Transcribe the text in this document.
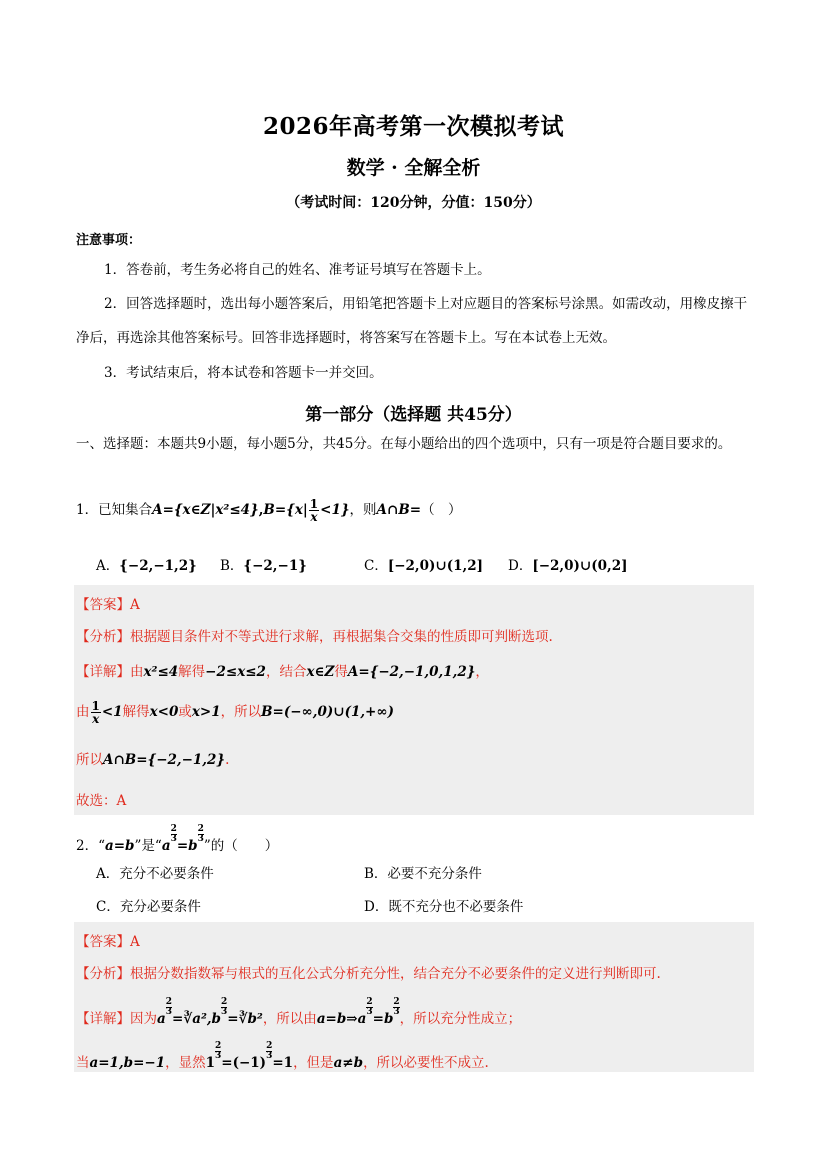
2026年高考第一次模拟考试
数学 · 全解全析
（考试时间：120分钟，分值：150分）
注意事项：
1．答卷前，考生务必将自己的姓名、准考证号填写在答题卡上。
2．回答选择题时，选出每小题答案后，用铅笔把答题卡上对应题目的答案标号涂黑。如需改动，用橡皮擦干净后，再选涂其他答案标号。回答非选择题时，将答案写在答题卡上。写在本试卷上无效。
3．考试结束后，将本试卷和答题卡一并交回。
第一部分（选择题 共45分）
一、选择题：本题共9小题，每小题5分，共45分。在每小题给出的四个选项中，只有一项是符合题目要求的。
1．已知集合A={x∈Z|x²≤4},B={x| $\frac{1}{x} <1$}，则A∩B=（　）
A．{−2,−1,2} B．{−2,−1}	C．[−2,0)∪(1,2] D．[−2,0)∪(0,2]
【答案】A
【分析】根据题目条件对不等式进行求解，再根据集合交集的性质即可判断选项.
【详解】由x²≤4解得−2≤x≤2，结合x∈Z得A={−2,−1,0,1,2}，
由 $\frac{1}{x} <1$解得x<0或x>1，所以B=(−∞,0)∪(1,+∞)
所以A∩B={−2,−1,2}.
故选：A
2．“a=b”是“a
$\frac{2}{3}$
=b
$\frac{2}{3}$
”的（　　）
A．充分不必要条件	B．必要不充分条件
C．充分必要条件	D．既不充分也不必要条件
【答案】A
【分析】根据分数指数幂与根式的互化公式分析充分性，结合充分不必要条件的定义进行判断即可.
【详解】因为a
$\frac{2}{3}$
=∛a²,b
$\frac{2}{3}$
=∛b²，所以由a=b⇒a
$\frac{2}{3}$
=b
$\frac{2}{3}$
，所以充分性成立；
当a=1,b=−1，显然1
$\frac{2}{3}$
=(−1)
$\frac{2}{3}$
=1，但是a≠b，所以必要性不成立.
